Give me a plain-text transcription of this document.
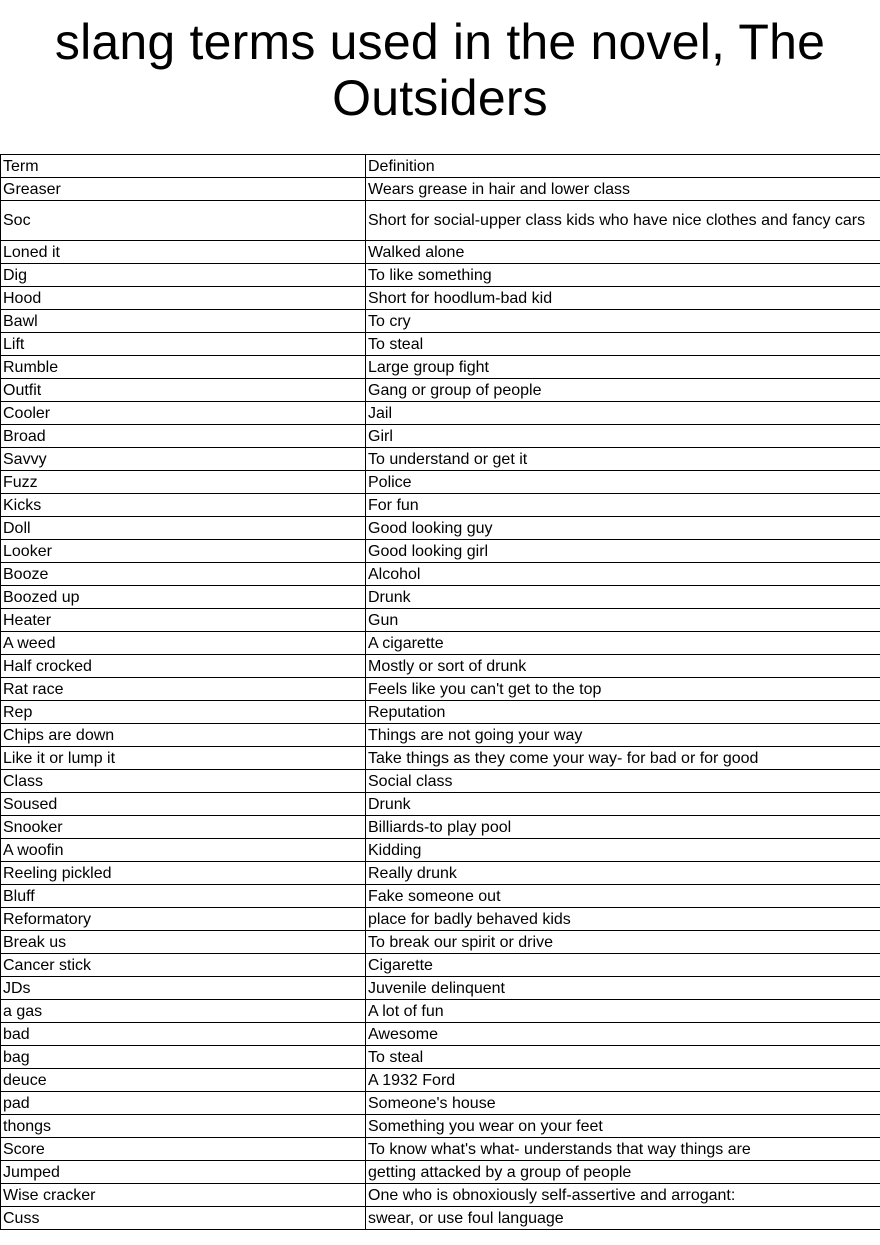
slang terms used in the novel, The Outsiders
Term	Definition
Greaser	Wears grease in hair and lower class
Soc	Short for social-upper class kids who have nice clothes and fancy cars
Loned it	Walked alone
Dig	To like something
Hood	Short for hoodlum-bad kid
Bawl	To cry
Lift	To steal
Rumble	Large group fight
Outfit	Gang or group of people
Cooler	Jail
Broad	Girl
Savvy	To understand or get it
Fuzz	Police
Kicks	For fun
Doll	Good looking guy
Looker	Good looking girl
Booze	Alcohol
Boozed up	Drunk
Heater	Gun
A weed	A cigarette
Half crocked	Mostly or sort of drunk
Rat race	Feels like you can't get to the top
Rep	Reputation
Chips are down	Things are not going your way
Like it or lump it	Take things as they come your way- for bad or for good
Class	Social class
Soused	Drunk
Snooker	Billiards-to play pool
A woofin	Kidding
Reeling pickled	Really drunk
Bluff	Fake someone out
Reformatory	place for badly behaved kids
Break us	To break our spirit or drive
Cancer stick	Cigarette
JDs	Juvenile delinquent
a gas	A lot of fun
bad	Awesome
bag	To steal
deuce	A 1932 Ford
pad	Someone's house
thongs	Something you wear on your feet
Score	To know what's what- understands that way things are
Jumped	getting attacked by a group of people
Wise cracker	One who is obnoxiously self-assertive and arrogant:
Cuss	swear, or use foul language
